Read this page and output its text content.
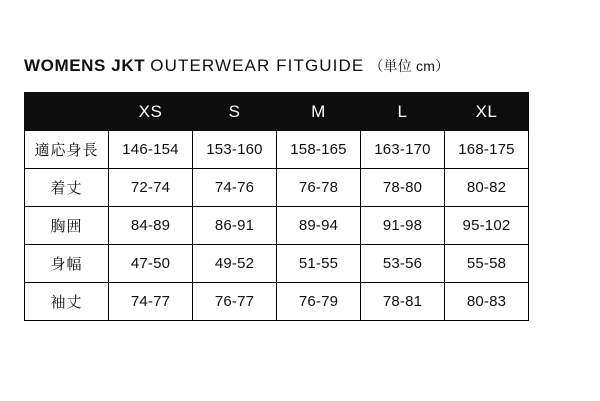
WOMENS JKT OUTERWEAR FITGUIDE （単位 cm）
	XS	S	M	L	XL
適応身長	146-154	153-160	158-165	163-170	168-175
着丈	72-74	74-76	76-78	78-80	80-82
胸囲	84-89	86-91	89-94	91-98	95-102
身幅	47-50	49-52	51-55	53-56	55-58
袖丈	74-77	76-77	76-79	78-81	80-83
